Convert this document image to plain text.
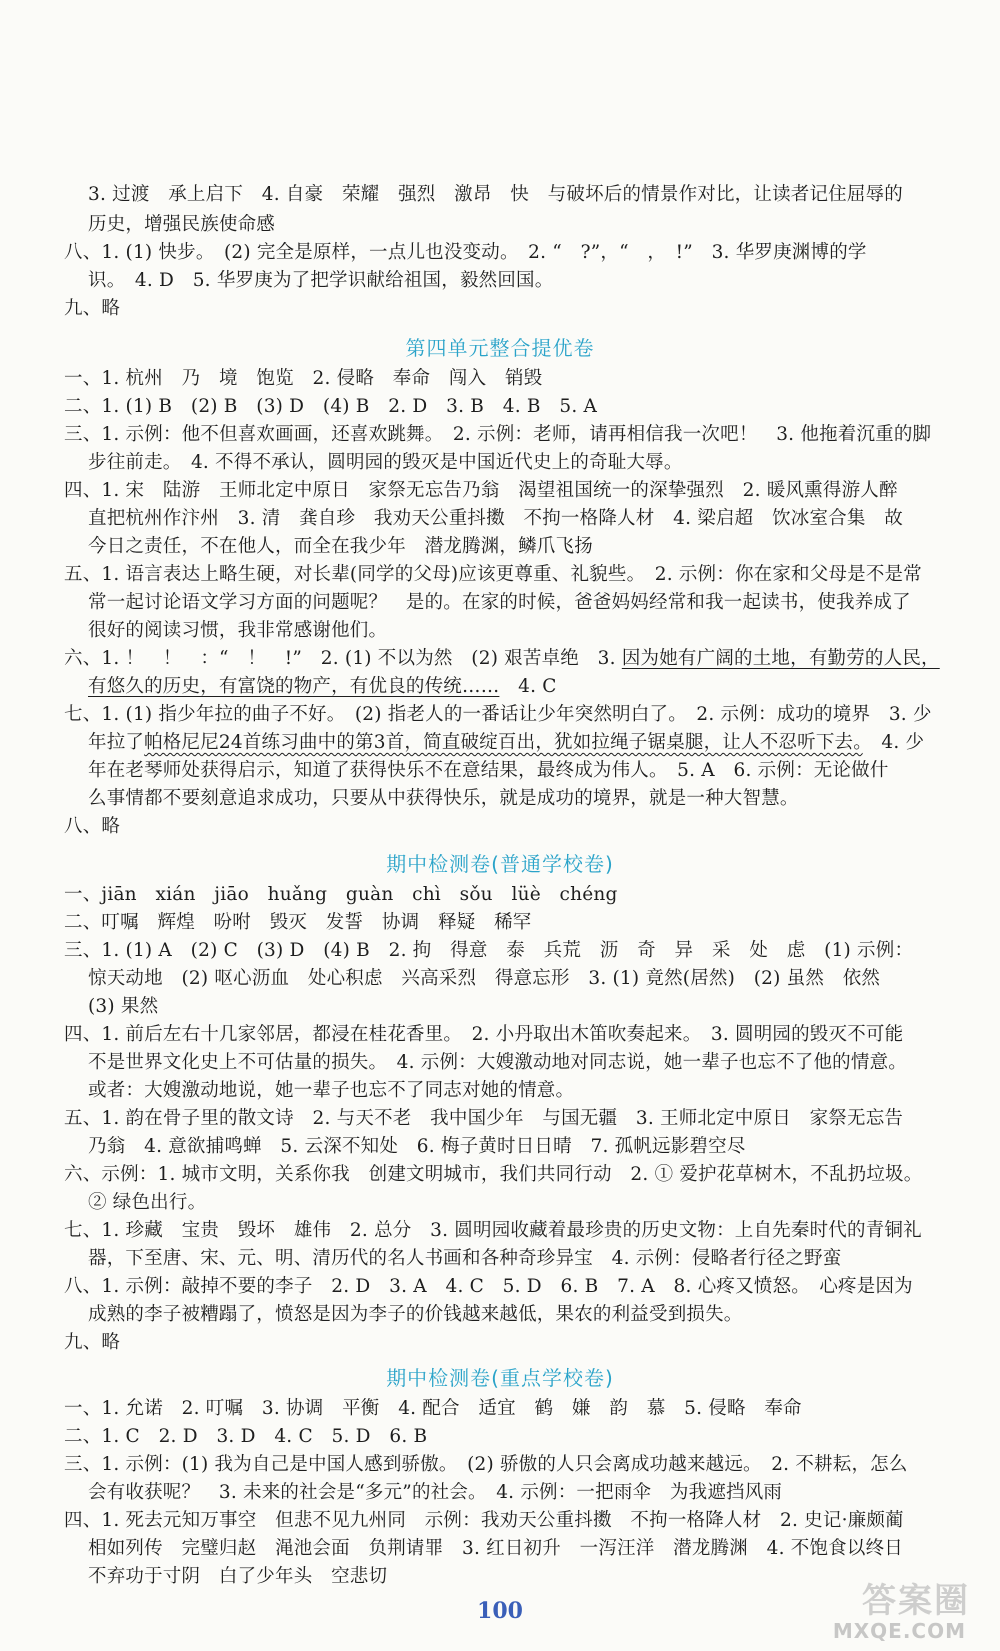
3. 过渡　承上启下　4. 自豪　荣耀　强烈　激昂　快　与破坏后的情景作对比，让读者记住屈辱的
历史，增强民族使命感
八、1. (1) 快步。　(2) 完全是原样，一点儿也没变动。　2. “　?”，“　，　!”　3. 华罗庚渊博的学
识。　4. D　5. 华罗庚为了把学识献给祖国，毅然回国。
九、略
第四单元整合提优卷
一、1. 杭州　乃　境　饱览　2. 侵略　奉命　闯入　销毁
二、1. (1) B　(2) B　(3) D　(4) B　2. D　3. B　4. B　5. A
三、1. 示例：他不但喜欢画画，还喜欢跳舞。　2. 示例：老师，请再相信我一次吧！　3. 他拖着沉重的脚
步往前走。　4. 不得不承认，圆明园的毁灭是中国近代史上的奇耻大辱。
四、1. 宋　陆游　王师北定中原日　家祭无忘告乃翁　渴望祖国统一的深挚强烈　2. 暖风熏得游人醉
直把杭州作汴州　3. 清　龚自珍　我劝天公重抖擞　不拘一格降人材　4. 梁启超　饮冰室合集　故
今日之责任，不在他人，而全在我少年　潜龙腾渊，鳞爪飞扬
五、1. 语言表达上略生硬，对长辈(同学的父母)应该更尊重、礼貌些。　2. 示例：你在家和父母是不是常
常一起讨论语文学习方面的问题呢？　是的。在家的时候，爸爸妈妈经常和我一起读书，使我养成了
很好的阅读习惯，我非常感谢他们。
六、1. ！　！　：“　！　!”　2. (1) 不以为然　(2) 艰苦卓绝　3. 因为她有广阔的土地，有勤劳的人民，
有悠久的历史，有富饶的物产，有优良的传统……　4. C
七、1. (1) 指少年拉的曲子不好。　(2) 指老人的一番话让少年突然明白了。　2. 示例：成功的境界　3. 少
年拉了帕格尼尼24首练习曲中的第3首，简直破绽百出，犹如拉绳子锯桌腿，让人不忍听下去。　4. 少
年在老琴师处获得启示，知道了获得快乐不在意结果，最终成为伟人。　5. A　6. 示例：无论做什
么事情都不要刻意追求成功，只要从中获得快乐，就是成功的境界，就是一种大智慧。
八、略
期中检测卷(普通学校卷)
一、jiān　xián　jiāo　huǎng　guàn　chì　sǒu　lüè　chéng
二、叮嘱　辉煌　吩咐　毁灭　发誓　协调　释疑　稀罕
三、1. (1) A　(2) C　(3) D　(4) B　2. 拘　得意　泰　兵荒　沥　奇　异　采　处　虑　(1) 示例：
惊天动地　(2) 呕心沥血　处心积虑　兴高采烈　得意忘形　3. (1) 竟然(居然)　(2) 虽然　依然
(3) 果然
四、1. 前后左右十几家邻居，都浸在桂花香里。　2. 小丹取出木笛吹奏起来。　3. 圆明园的毁灭不可能
不是世界文化史上不可估量的损失。　4. 示例：大嫂激动地对同志说，她一辈子也忘不了他的情意。
或者：大嫂激动地说，她一辈子也忘不了同志对她的情意。
五、1. 韵在骨子里的散文诗　2. 与天不老　我中国少年　与国无疆　3. 王师北定中原日　家祭无忘告
乃翁　4. 意欲捕鸣蝉　5. 云深不知处　6. 梅子黄时日日晴　7. 孤帆远影碧空尽
六、示例：1. 城市文明，关系你我　创建文明城市，我们共同行动　2. ① 爱护花草树木，不乱扔垃圾。
② 绿色出行。
七、1. 珍藏　宝贵　毁坏　雄伟　2. 总分　3. 圆明园收藏着最珍贵的历史文物：上自先秦时代的青铜礼
器，下至唐、宋、元、明、清历代的名人书画和各种奇珍异宝　4. 示例：侵略者行径之野蛮
八、1. 示例：敲掉不要的李子　2. D　3. A　4. C　5. D　6. B　7. A　8. 心疼又愤怒。　心疼是因为
成熟的李子被糟蹋了，愤怒是因为李子的价钱越来越低，果农的利益受到损失。
九、略
期中检测卷(重点学校卷)
一、1. 允诺　2. 叮嘱　3. 协调　平衡　4. 配合　适宜　鹤　嫌　韵　慕　5. 侵略　奉命
二、1. C　2. D　3. D　4. C　5. D　6. B
三、1. 示例：(1) 我为自己是中国人感到骄傲。　(2) 骄傲的人只会离成功越来越远。　2. 不耕耘，怎么
会有收获呢？　3. 未来的社会是“多元”的社会。　4. 示例：一把雨伞　为我遮挡风雨
四、1. 死去元知万事空　但悲不见九州同　示例：我劝天公重抖擞　不拘一格降人材　2. 史记·廉颇蔺
相如列传　完璧归赵　渑池会面　负荆请罪　3. 红日初升　一泻汪洋　潜龙腾渊　4. 不饱食以终日
不弃功于寸阴　白了少年头　空悲切
100	答案圈
MXQE.COM
